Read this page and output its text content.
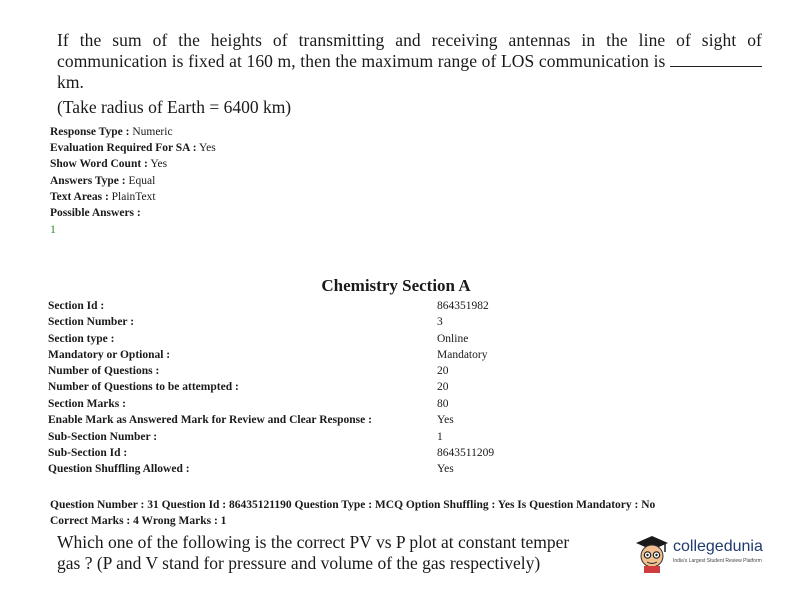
If the sum of the heights of transmitting and receiving antennas in the line of sight of communication is fixed at 160 m, then the maximum range of LOS communication is  km.
(Take radius of Earth = 6400 km)
Response Type : Numeric
Evaluation Required For SA : Yes
Show Word Count : Yes
Answers Type : Equal
Text Areas : PlainText
Possible Answers :
1
Chemistry Section A
Section Id :	864351982
Section Number :	3
Section type :	Online
Mandatory or Optional :	Mandatory
Number of Questions :	20
Number of Questions to be attempted :	20
Section Marks :	80
Enable Mark as Answered Mark for Review and Clear Response :	Yes
Sub-Section Number :	1
Sub-Section Id :	8643511209
Question Shuffling Allowed :	Yes
Question Number : 31 Question Id : 86435121190 Question Type : MCQ Option Shuffling : Yes Is Question Mandatory : No
Correct Marks : 4 Wrong Marks : 1
Which one of the following is the correct PV vs P plot at constant temper
gas ? (P and V stand for pressure and volume of the gas respectively)
collegedunia
India's Largest Student Review Platform
